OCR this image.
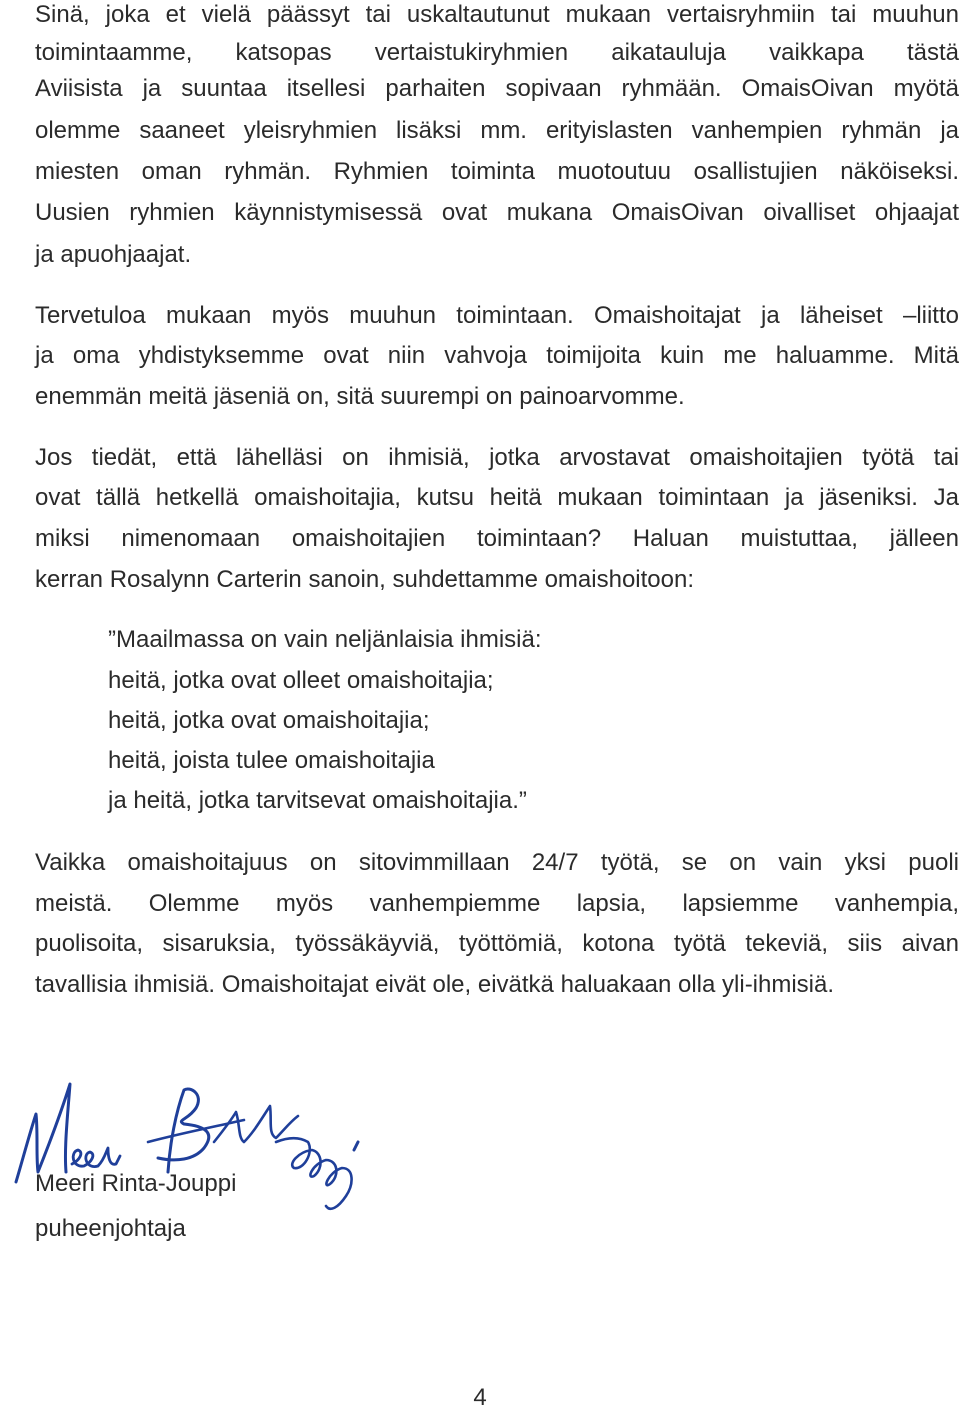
Sinä, joka et vielä päässyt tai uskaltautunut mukaan vertaisryhmiin tai muuhun
toimintaamme, katsopas vertaistukiryhmien aikatauluja vaikkapa tästä
Aviisista ja suuntaa itsellesi parhaiten sopivaan ryhmään. OmaisOivan myötä
olemme saaneet yleisryhmien lisäksi mm. erityislasten vanhempien ryhmän ja
miesten oman ryhmän. Ryhmien toiminta muotoutuu osallistujien näköiseksi.
Uusien ryhmien käynnistymisessä ovat mukana OmaisOivan oivalliset ohjaajat
ja apuohjaajat.
Tervetuloa mukaan myös muuhun toimintaan. Omaishoitajat ja läheiset –liitto
ja oma yhdistyksemme ovat niin vahvoja toimijoita kuin me haluamme. Mitä
enemmän meitä jäseniä on, sitä suurempi on painoarvomme.
Jos tiedät, että lähelläsi on ihmisiä, jotka arvostavat omaishoitajien työtä tai
ovat tällä hetkellä omaishoitajia, kutsu heitä mukaan toimintaan ja jäseniksi. Ja
miksi nimenomaan omaishoitajien toimintaan? Haluan muistuttaa, jälleen
kerran Rosalynn Carterin sanoin, suhdettamme omaishoitoon:
”Maailmassa on vain neljänlaisia ihmisiä:
heitä, jotka ovat olleet omaishoitajia;
heitä, jotka ovat omaishoitajia;
heitä, joista tulee omaishoitajia
ja heitä, jotka tarvitsevat omaishoitajia.”
Vaikka omaishoitajuus on sitovimmillaan 24/7 työtä, se on vain yksi puoli
meistä. Olemme myös vanhempiemme lapsia, lapsiemme vanhempia,
puolisoita, sisaruksia, työssäkäyviä, työttömiä, kotona työtä tekeviä, siis aivan
tavallisia ihmisiä. Omaishoitajat eivät ole, eivätkä haluakaan olla yli-ihmisiä.
Meeri Rinta-Jouppi
puheenjohtaja
4
